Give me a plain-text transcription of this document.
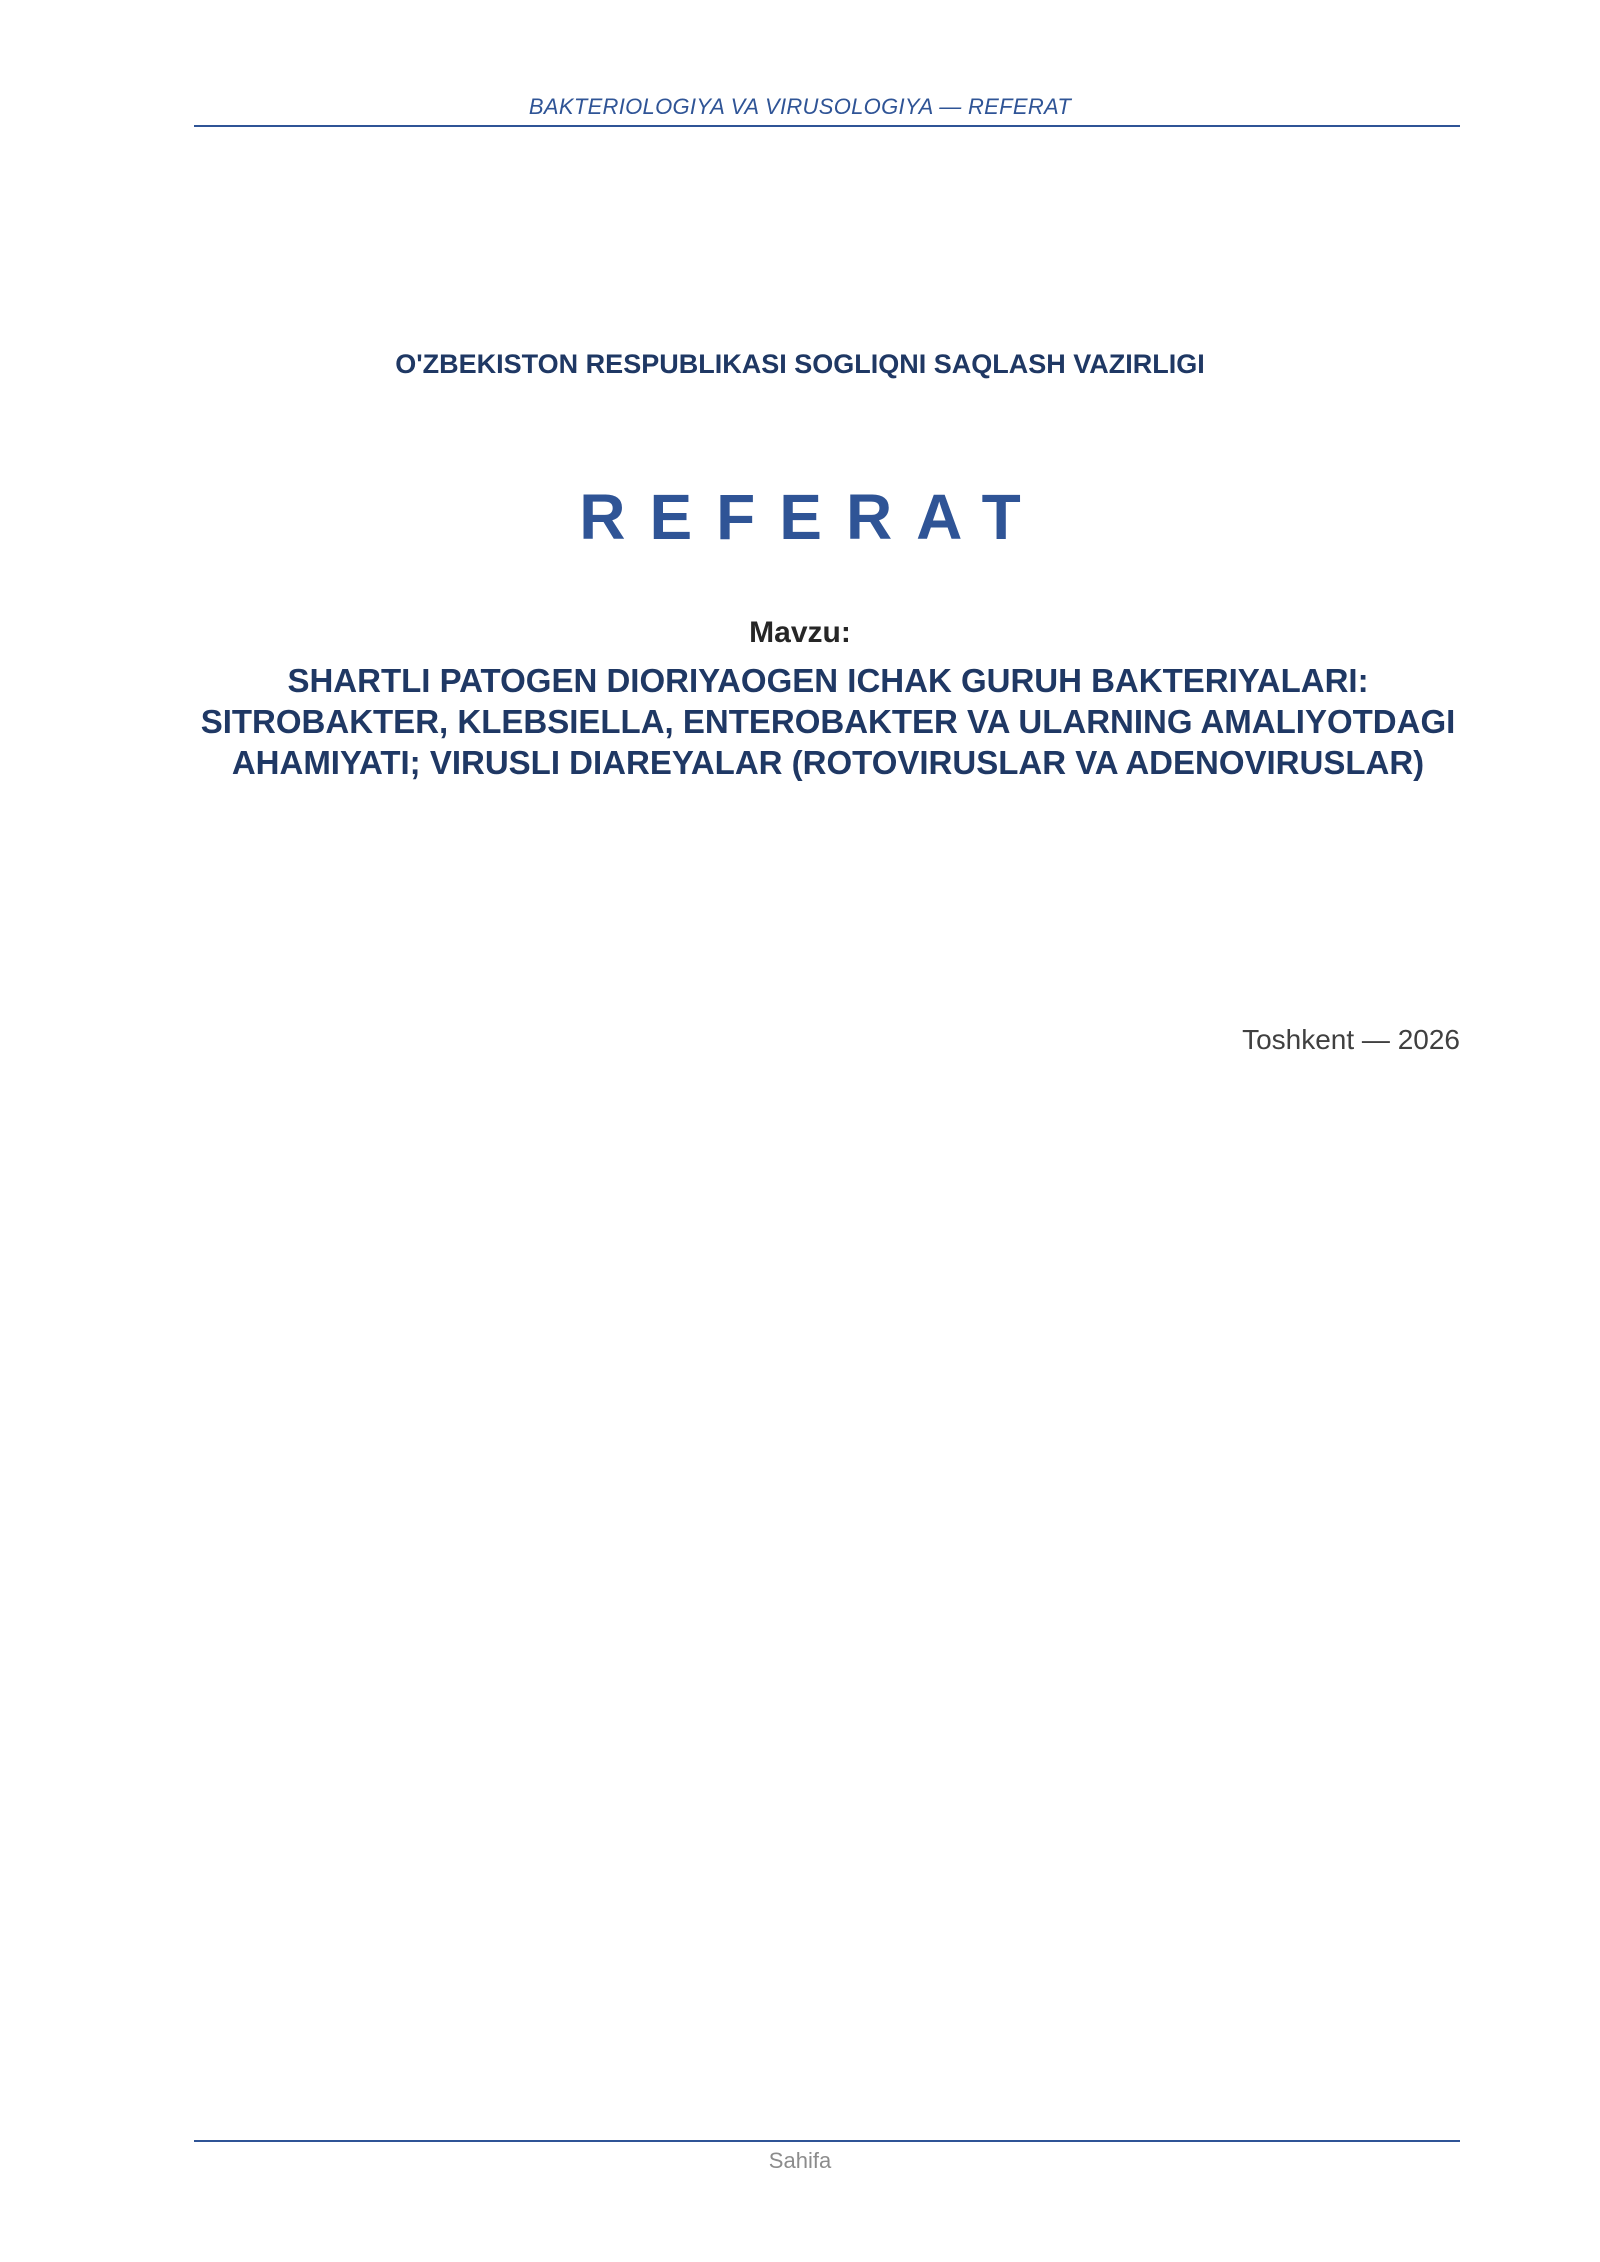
BAKTERIOLOGIYA VA VIRUSOLOGIYA — REFERAT
O'ZBEKISTON RESPUBLIKASI SOGLIQNI SAQLASH VAZIRLIGI
REFERAT
Mavzu:
SHARTLI PATOGEN DIORIYAOGEN ICHAK GURUH BAKTERIYALARI: SITROBAKTER, KLEBSIELLA, ENTEROBAKTER VA ULARNING AMALIYOTDAGI AHAMIYATI; VIRUSLI DIAREYALAR (ROTOVIRUSLAR VA ADENOVIRUSLAR)
Toshkent — 2026
Sahifa
